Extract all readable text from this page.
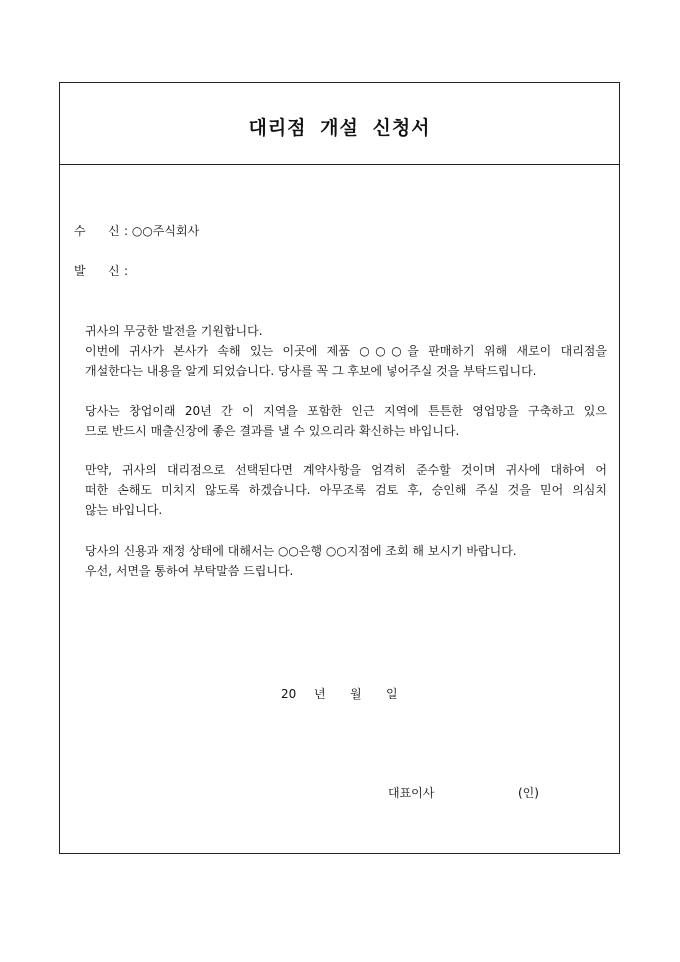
대리점 개설 신청서
수 신 : ○○주식회사
발 신 :
귀사의 무궁한 발전을 기원합니다.
이번에 귀사가 본사가 속해 있는 이곳에 제품 ○○○을 판매하기 위해 새로이 대리점을
개설한다는 내용을 알게 되었습니다. 당사를 꼭 그 후보에 넣어주실 것을 부탁드립니다.
당사는 창업이래 20년 간 이 지역을 포함한 인근 지역에 튼튼한 영업망을 구축하고 있으
므로 반드시 매출신장에 좋은 결과를 낼 수 있으리라 확신하는 바입니다.
만약, 귀사의 대리점으로 선택된다면 계약사항을 엄격히 준수할 것이며 귀사에 대하여 어
떠한 손해도 미치지 않도록 하겠습니다. 아무조록 검토 후, 승인해 주실 것을 믿어 의심치
않는 바입니다.
당사의 신용과 재정 상태에 대해서는 ○○은행 ○○지점에 조회 해 보시기 바랍니다.
우선, 서면을 통하여 부탁말씀 드립니다.
20 년 월 일
대표이사	(인)
